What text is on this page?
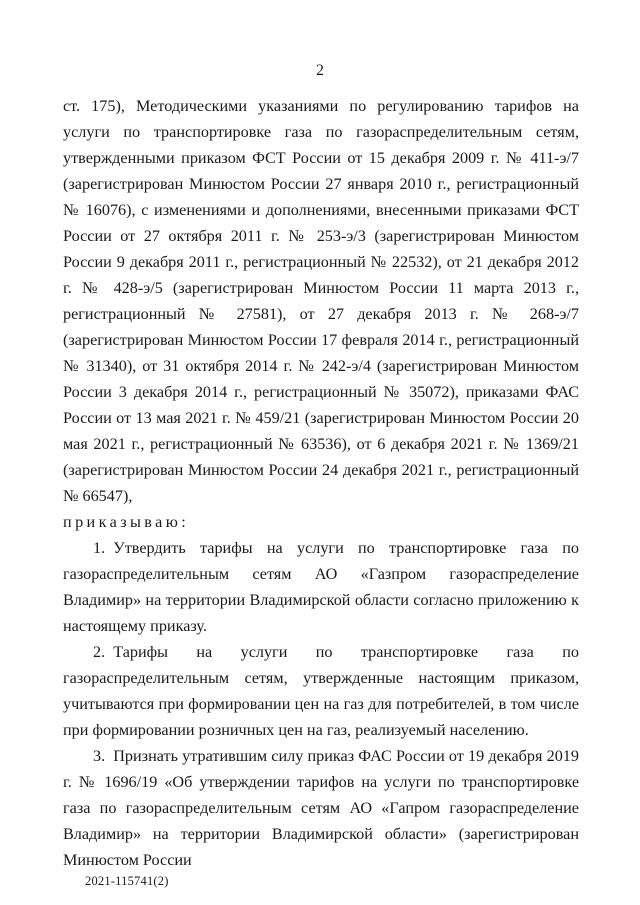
2

ст. 175), Методическими указаниями по регулированию тарифов на услуги по транспортировке газа по газораспределительным сетям, утвержденными приказом ФСТ России от 15 декабря 2009 г. № 411-э/7 (зарегистрирован Минюстом России 27 января 2010 г., регистрационный № 16076), с изменениями и дополнениями, внесенными приказами ФСТ России от 27 октября 2011 г. № 253-э/3 (зарегистрирован Минюстом России 9 декабря 2011 г., регистрационный № 22532), от 21 декабря 2012 г. № 428-э/5 (зарегистрирован Минюстом России 11 марта 2013 г., регистрационный № 27581), от 27 декабря 2013 г. № 268-э/7 (зарегистрирован Минюстом России 17 февраля 2014 г., регистрационный № 31340), от 31 октября 2014 г. № 242-э/4 (зарегистрирован Минюстом России 3 декабря 2014 г., регистрационный № 35072), приказами ФАС России от 13 мая 2021 г. № 459/21 (зарегистрирован Минюстом России 20 мая 2021 г., регистрационный № 63536), от 6 декабря 2021 г. № 1369/21 (зарегистрирован Минюстом России 24 декабря 2021 г., регистрационный № 66547),

приказываю:

1. Утвердить тарифы на услуги по транспортировке газа по газораспределительным сетям АО «Газпром газораспределение Владимир» на территории Владимирской области согласно приложению к настоящему приказу.

2. Тарифы на услуги по транспортировке газа по газораспределительным сетям, утвержденные настоящим приказом, учитываются при формировании цен на газ для потребителей, в том числе при формировании розничных цен на газ, реализуемый населению.

3. Признать утратившим силу приказ ФАС России от 19 декабря 2019 г. № 1696/19 «Об утверждении тарифов на услуги по транспортировке газа по газораспределительным сетям АО «Гапром газораспределение Владимир» на территории Владимирской области» (зарегистрирован Минюстом России

2021-115741(2)
